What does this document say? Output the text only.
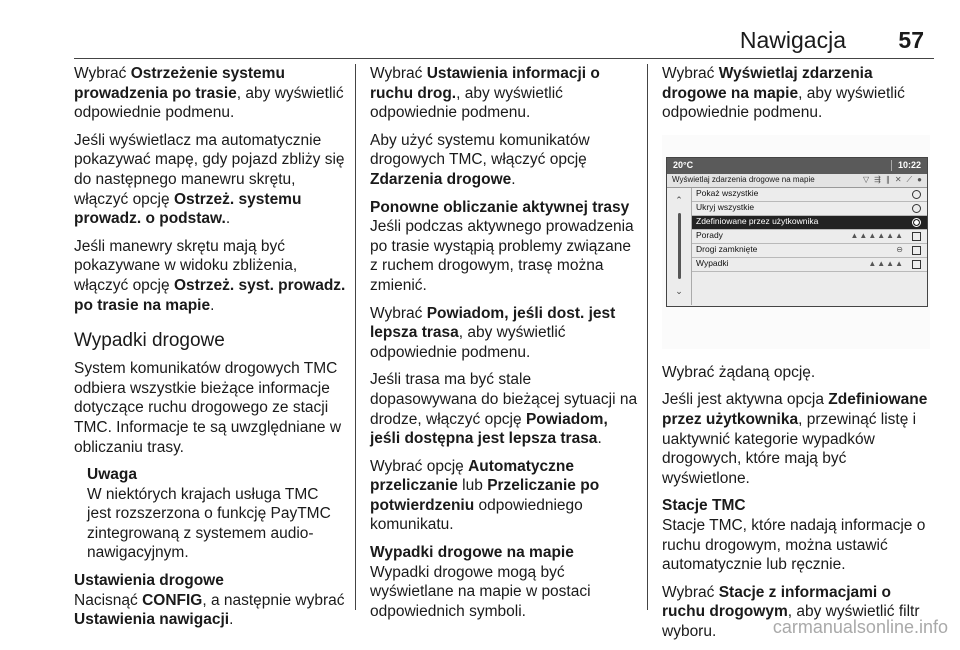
Nawigacja	57

Wybrać Ostrzeżenie systemu prowadzenia po trasie, aby wyświetlić odpowiednie podmenu.

Jeśli wyświetlacz ma automatycznie pokazywać mapę, gdy pojazd zbliży się do następnego manewru skrętu, włączyć opcję Ostrzeż. systemu prowadz. o podstaw..

Jeśli manewry skrętu mają być pokazywane w widoku zbliżenia, włączyć opcję Ostrzeż. syst. prowadz. po trasie na mapie.

Wypadki drogowe

System komunikatów drogowych TMC odbiera wszystkie bieżące informacje dotyczące ruchu drogowego ze stacji TMC. Informacje te są uwzględniane w obliczaniu trasy.

Uwaga
W niektórych krajach usługa TMC jest rozszerzona o funkcję PayTMC zintegrowaną z systemem audio-nawigacyjnym.
Ustawienia drogowe

Nacisnąć CONFIG, a następnie wybrać Ustawienia nawigacji.

Wybrać Ustawienia informacji o ruchu drog., aby wyświetlić odpowiednie podmenu.

Aby użyć systemu komunikatów drogowych TMC, włączyć opcję Zdarzenia drogowe.

Ponowne obliczanie aktywnej trasy

Jeśli podczas aktywnego prowadzenia po trasie wystąpią problemy związane z ruchem drogowym, trasę można zmienić.

Wybrać Powiadom, jeśli dost. jest lepsza trasa, aby wyświetlić odpowiednie podmenu.

Jeśli trasa ma być stale dopasowywana do bieżącej sytuacji na drodze, włączyć opcję Powiadom, jeśli dostępna jest lepsza trasa.

Wybrać opcję Automatyczne przeliczanie lub Przeliczanie po potwierdzeniu odpowiedniego komunikatu.

Wypadki drogowe na mapie

Wypadki drogowe mogą być wyświetlane na mapie w postaci odpowiednich symboli.

Wybrać Wyświetlaj zdarzenia drogowe na mapie, aby wyświetlić odpowiednie podmenu.

20°C	10:22
Wyświetlaj zdarzenia drogowe na mapie	▽ ⇶ ∥ ✕ ⟋ ●
⌃
⌄
Pokaż wszystkie
Ukryj wszystkie
Zdefiniowane przez użytkownika
Porady	▲▲▲▲▲▲
Drogi zamknięte	⊖
Wypadki	▲▲▲▲

Wybrać żądaną opcję.

Jeśli jest aktywna opcja Zdefiniowane przez użytkownika, przewinąć listę i uaktywnić kategorie wypadków drogowych, które mają być wyświetlone.

Stacje TMC

Stacje TMC, które nadają informacje o ruchu drogowym, można ustawić automatycznie lub ręcznie.

Wybrać Stacje z informacjami o ruchu drogowym, aby wyświetlić filtr wyboru.	carmanualsonline.info
